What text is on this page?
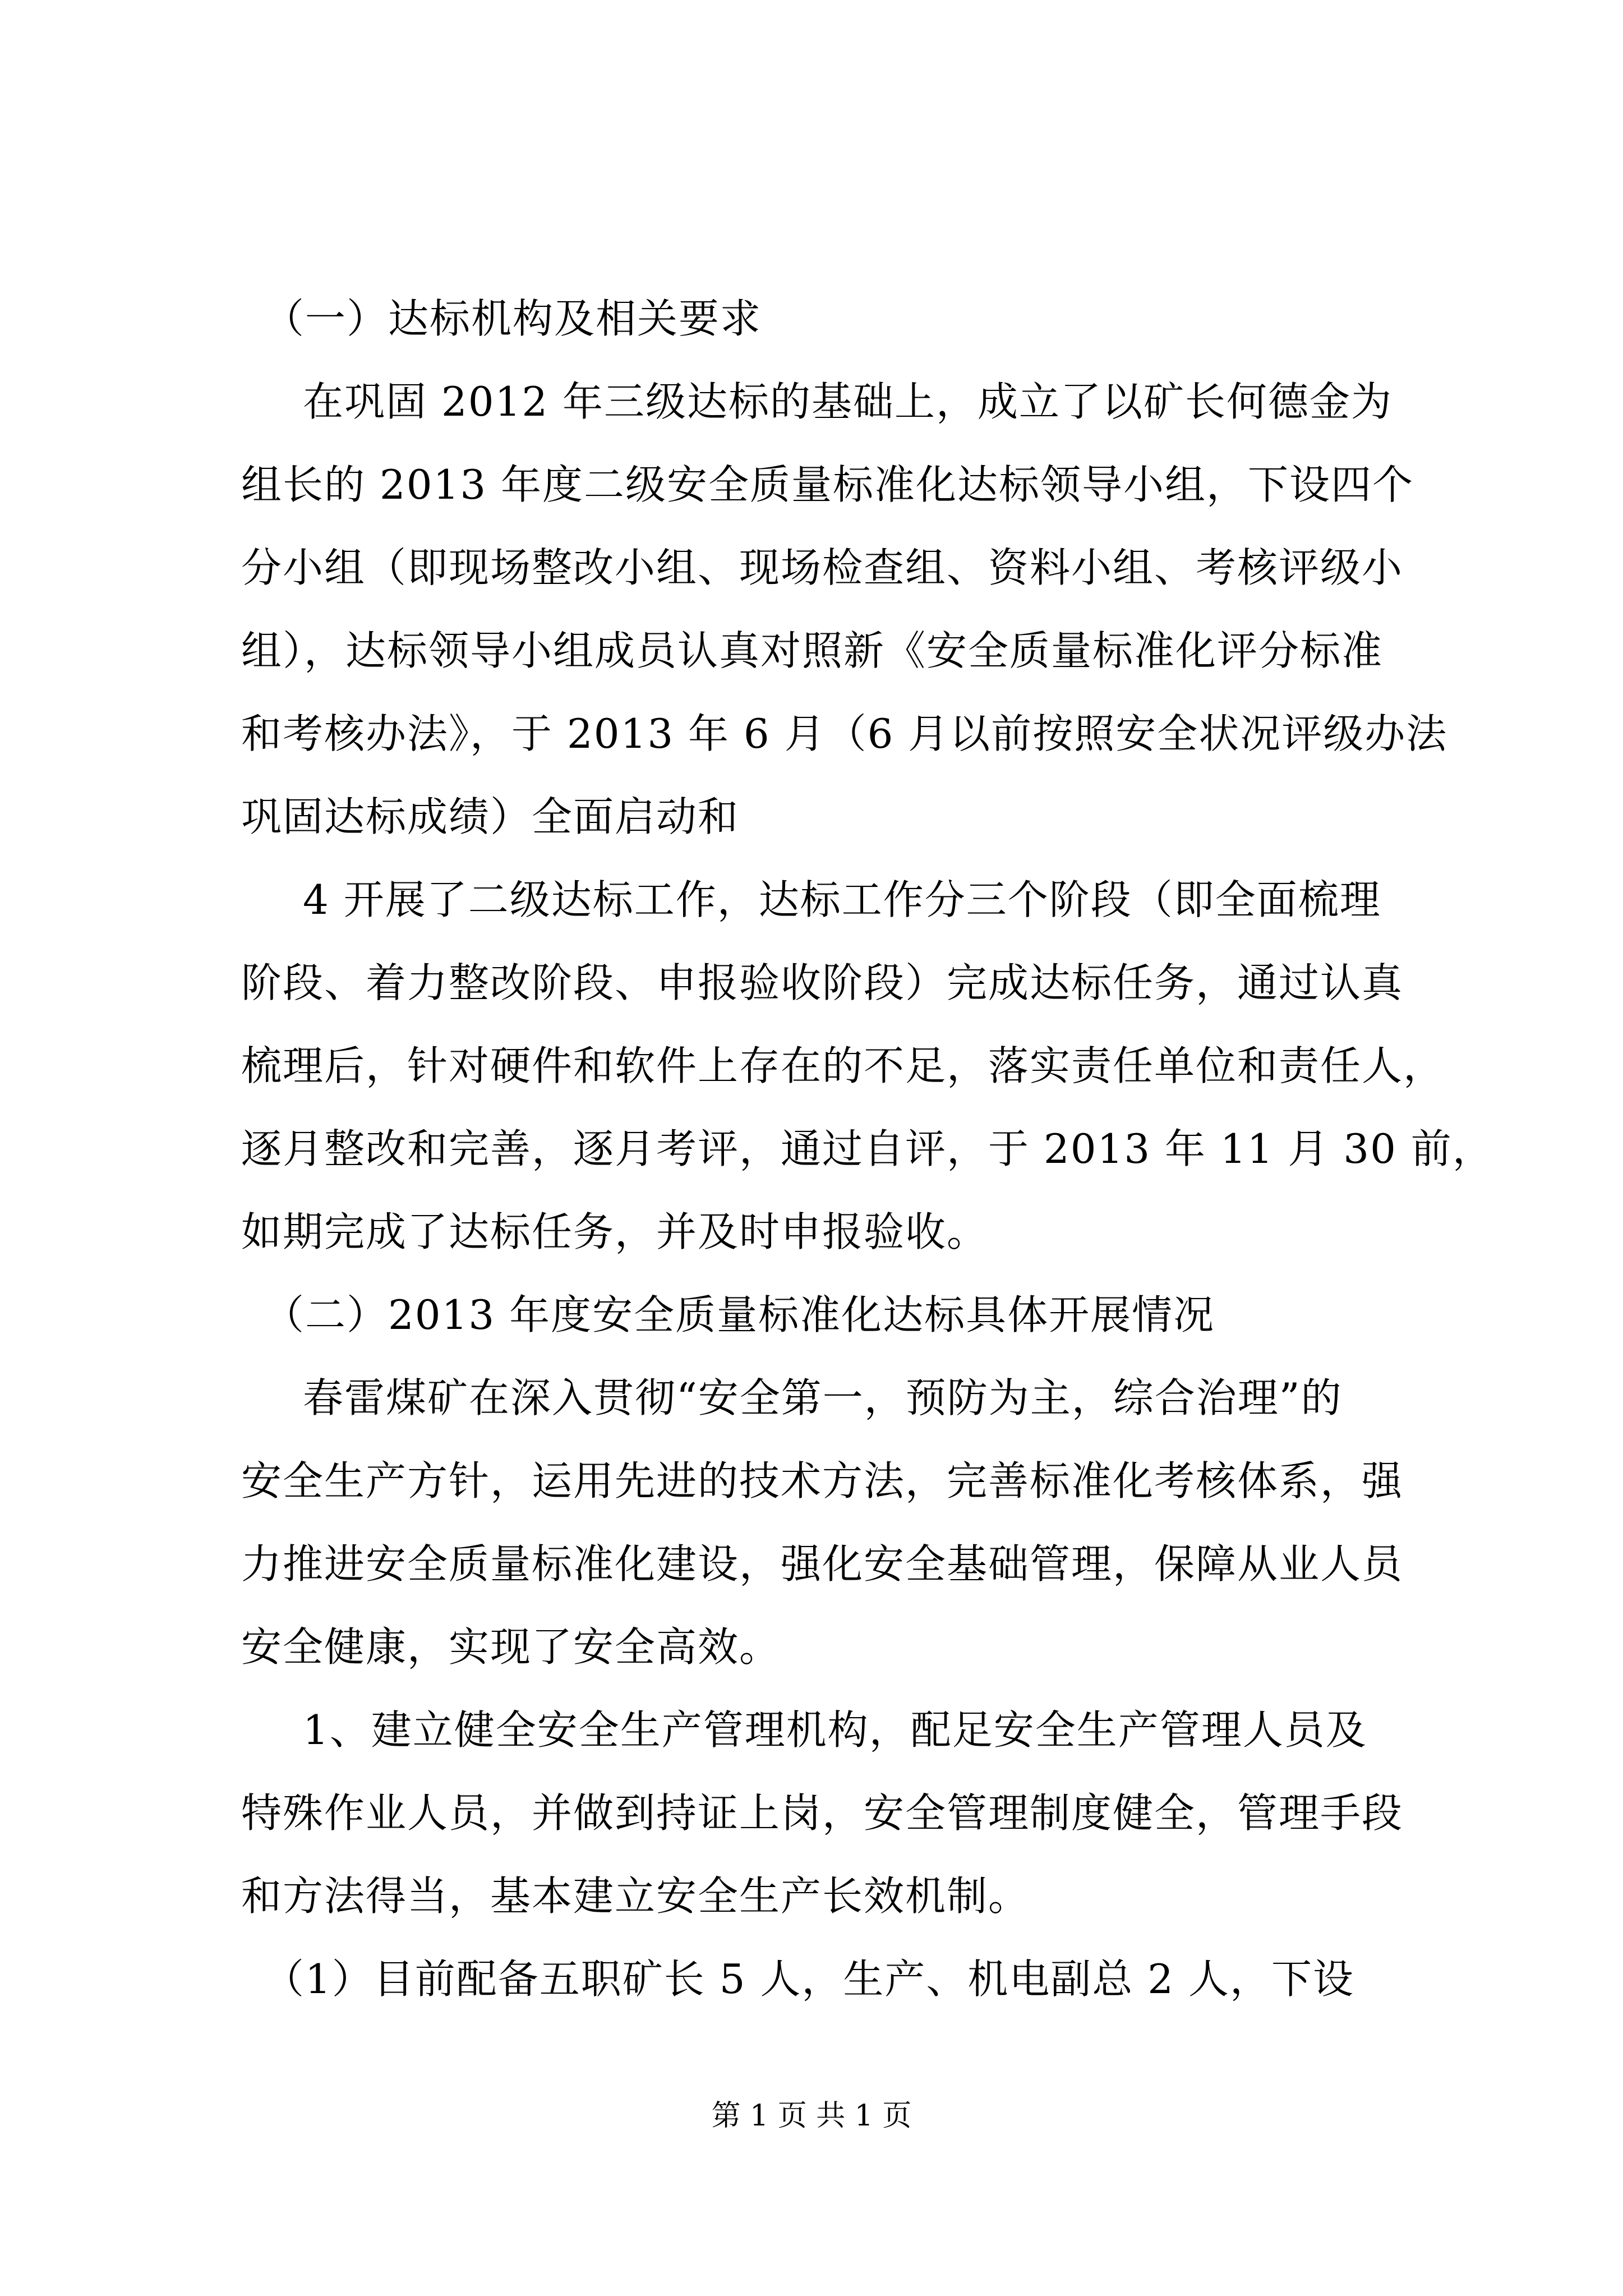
（一）达标机构及相关要求
在巩固 2012 年三级达标的基础上，成立了以矿长何德金为
组长的 2013 年度二级安全质量标准化达标领导小组，下设四个
分小组（即现场整改小组、现场检查组、资料小组、考核评级小
组），达标领导小组成员认真对照新《安全质量标准化评分标准
和考核办法》，于 2013 年 6 月（6 月以前按照安全状况评级办法
巩固达标成绩）全面启动和
4 开展了二级达标工作，达标工作分三个阶段（即全面梳理
阶段、着力整改阶段、申报验收阶段）完成达标任务，通过认真
梳理后，针对硬件和软件上存在的不足，落实责任单位和责任人，
逐月整改和完善，逐月考评，通过自评，于 2013 年 11 月 30 前，
如期完成了达标任务，并及时申报验收。
（二）2013 年度安全质量标准化达标具体开展情况
春雷煤矿在深入贯彻“安全第一，预防为主，综合治理”的
安全生产方针，运用先进的技术方法，完善标准化考核体系，强
力推进安全质量标准化建设，强化安全基础管理，保障从业人员
安全健康，实现了安全高效。
1、建立健全安全生产管理机构，配足安全生产管理人员及
特殊作业人员，并做到持证上岗，安全管理制度健全，管理手段
和方法得当，基本建立安全生产长效机制。
（1）目前配备五职矿长 5 人，生产、机电副总 2 人，下设
第 1 页 共 1 页
